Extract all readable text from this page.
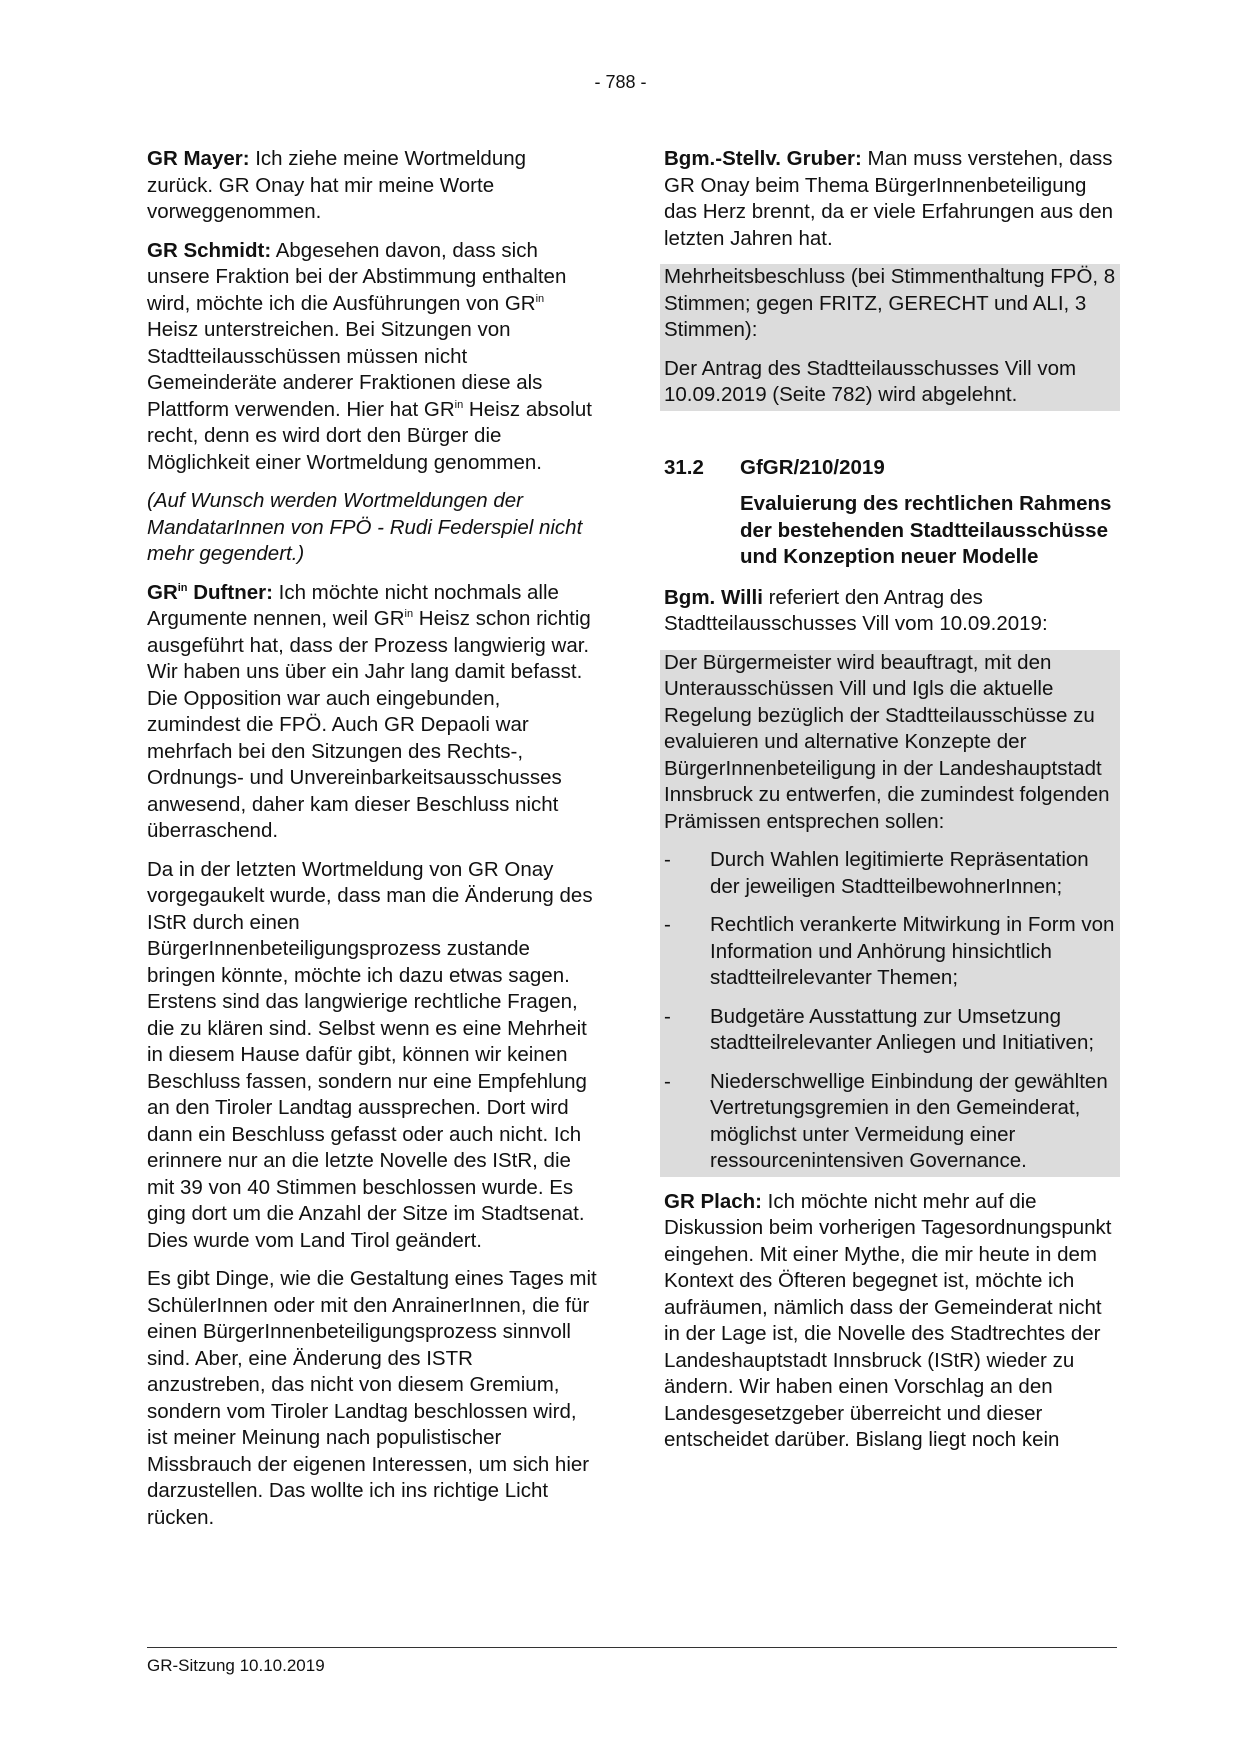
- 788 -

GR Mayer: Ich ziehe meine Wortmeldung zurück. GR Onay hat mir meine Worte vorweggenommen.

GR Schmidt: Abgesehen davon, dass sich unsere Fraktion bei der Abstimmung enthalten wird, möchte ich die Ausführungen von $GR^{in}$ Heisz unterstreichen. Bei Sitzungen von Stadtteilausschüssen müssen nicht Gemeinderäte anderer Fraktionen diese als Plattform verwenden. Hier hat $GR^{in}$ Heisz absolut recht, denn es wird dort den Bürger die Möglichkeit einer Wortmeldung genommen.

(Auf Wunsch werden Wortmeldungen der MandatarInnen von FPÖ - Rudi Federspiel nicht mehr gegendert.)

$GR^{in}$ Duftner: Ich möchte nicht nochmals alle Argumente nennen, weil $GR^{in}$ Heisz schon richtig ausgeführt hat, dass der Prozess langwierig war. Wir haben uns über ein Jahr lang damit befasst. Die Opposition war auch eingebunden, zumindest die FPÖ. Auch GR Depaoli war mehrfach bei den Sitzungen des Rechts-, Ordnungs- und Unvereinbarkeitsausschusses anwesend, daher kam dieser Beschluss nicht überraschend.

Da in der letzten Wortmeldung von GR Onay vorgegaukelt wurde, dass man die Änderung des IStR durch einen BürgerInnenbeteiligungsprozess zustande bringen könnte, möchte ich dazu etwas sagen. Erstens sind das langwierige rechtliche Fragen, die zu klären sind. Selbst wenn es eine Mehrheit in diesem Hause dafür gibt, können wir keinen Beschluss fassen, sondern nur eine Empfehlung an den Tiroler Landtag aussprechen. Dort wird dann ein Beschluss gefasst oder auch nicht. Ich erinnere nur an die letzte Novelle des IStR, die mit 39 von 40 Stimmen beschlossen wurde. Es ging dort um die Anzahl der Sitze im Stadtsenat. Dies wurde vom Land Tirol geändert.

Es gibt Dinge, wie die Gestaltung eines Tages mit SchülerInnen oder mit den AnrainerInnen, die für einen BürgerInnenbeteiligungsprozess sinnvoll sind. Aber, eine Änderung des ISTR anzustreben, das nicht von diesem Gremium, sondern vom Tiroler Landtag beschlossen wird, ist meiner Meinung nach populistischer Missbrauch der eigenen Interessen, um sich hier darzustellen. Das wollte ich ins richtige Licht rücken.

Bgm.-Stellv. Gruber: Man muss verstehen, dass GR Onay beim Thema BürgerInnenbeteiligung das Herz brennt, da er viele Erfahrungen aus den letzten Jahren hat.

Mehrheitsbeschluss (bei Stimmenthaltung FPÖ, 8 Stimmen; gegen FRITZ, GERECHT und ALI, 3 Stimmen):

Der Antrag des Stadtteilausschusses Vill vom 10.09.2019 (Seite 782) wird abgelehnt.

31.2	GfGR/210/2019
Evaluierung des rechtlichen Rahmens der bestehenden Stadtteilausschüsse und Konzeption neuer Modelle

Bgm. Willi referiert den Antrag des Stadtteilausschusses Vill vom 10.09.2019:

Der Bürgermeister wird beauftragt, mit den Unterausschüssen Vill und Igls die aktuelle Regelung bezüglich der Stadtteilausschüsse zu evaluieren und alternative Konzepte der BürgerInnenbeteiligung in der Landeshauptstadt Innsbruck zu entwerfen, die zumindest folgenden Prämissen entsprechen sollen:

-	Durch Wahlen legitimierte Repräsentation der jeweiligen StadtteilbewohnerInnen;
-	Rechtlich verankerte Mitwirkung in Form von Information und Anhörung hinsichtlich stadtteilrelevanter Themen;
-	Budgetäre Ausstattung zur Umsetzung stadtteilrelevanter Anliegen und Initiativen;
-	Niederschwellige Einbindung der gewählten Vertretungsgremien in den Gemeinderat, möglichst unter Vermeidung einer ressourcenintensiven Governance.

GR Plach: Ich möchte nicht mehr auf die Diskussion beim vorherigen Tagesordnungspunkt eingehen. Mit einer Mythe, die mir heute in dem Kontext des Öfteren begegnet ist, möchte ich aufräumen, nämlich dass der Gemeinderat nicht in der Lage ist, die Novelle des Stadtrechtes der Landeshauptstadt Innsbruck (IStR) wieder zu ändern. Wir haben einen Vorschlag an den Landesgesetzgeber überreicht und dieser entscheidet darüber. Bislang liegt noch kein

GR-Sitzung 10.10.2019
